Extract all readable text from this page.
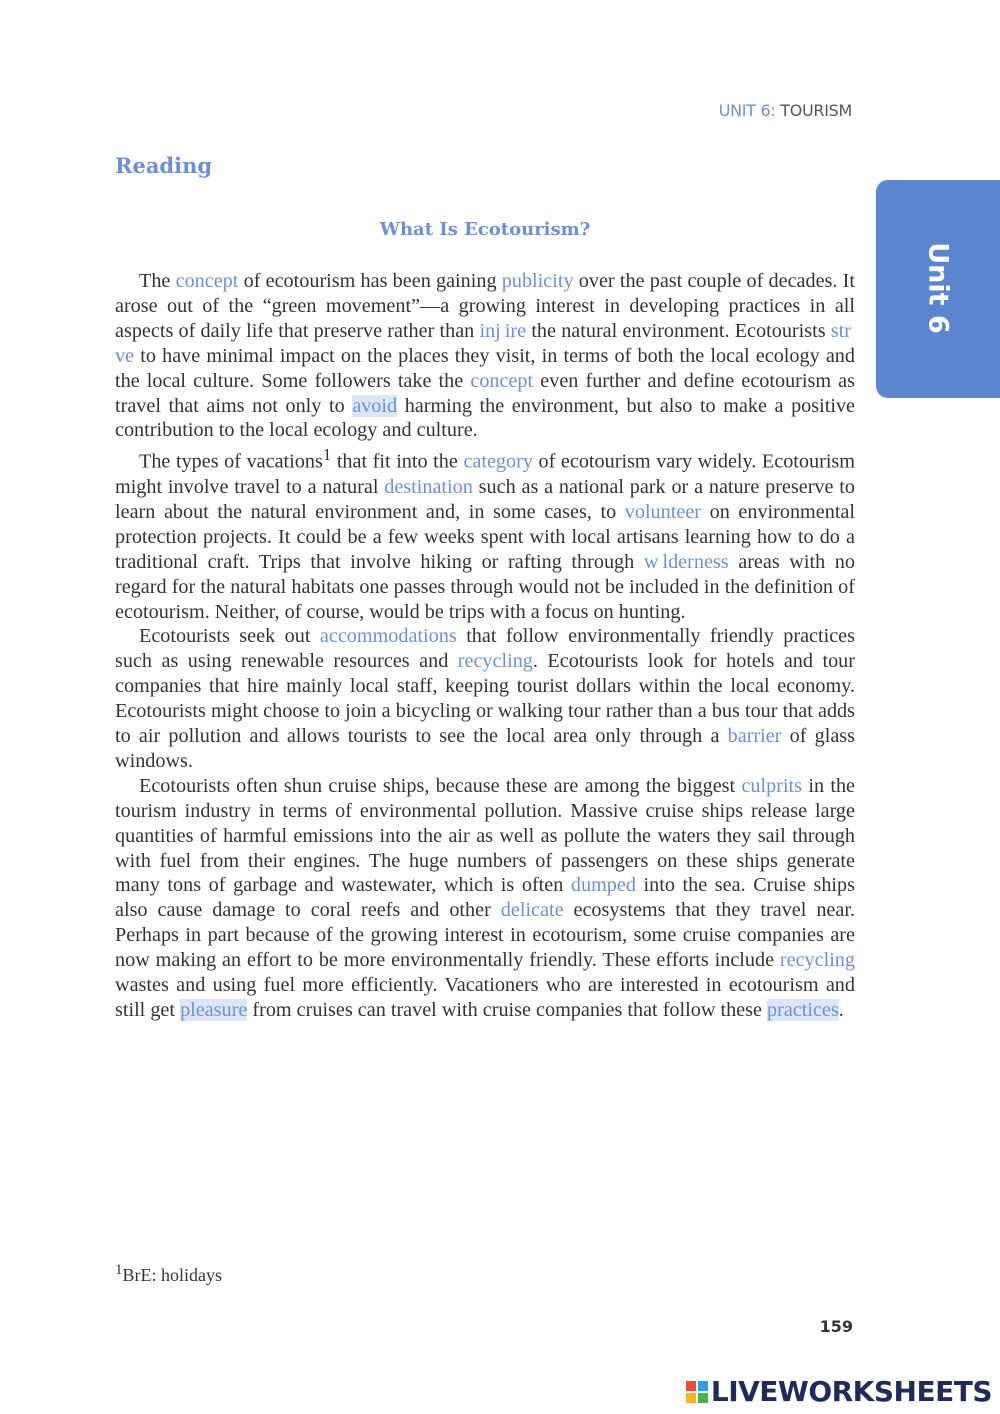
UNIT 6: TOURISM
Unit 6
Reading
What Is Ecotourism?

The concept of ecotourism has been gaining publicity over the past couple of decades. It arose out of the “green movement”—a growing interest in developing practices in all aspects of daily life that preserve rather than inj ire the natural environment. Ecotourists str ve to have minimal impact on the places they visit, in terms of both the local ecology and the local culture. Some followers take the concept even further and define ecotourism as travel that aims not only to avoid harming the environment, but also to make a positive contribution to the local ecology and culture.

The types of vacations$^1$ that fit into the category of ecotourism vary widely. Ecotourism might involve travel to a natural destination such as a national park or a nature preserve to learn about the natural environment and, in some cases, to volunteer on environmental protection projects. It could be a few weeks spent with local artisans learning how to do a traditional craft. Trips that involve hiking or rafting through w lderness areas with no regard for the natural habitats one passes through would not be included in the definition of ecotourism. Neither, of course, would be trips with a focus on hunting.

Ecotourists seek out accommodations that follow environmentally friendly practices such as using renewable resources and recycling. Ecotourists look for hotels and tour companies that hire mainly local staff, keeping tourist dollars within the local economy. Ecotourists might choose to join a bicycling or walking tour rather than a bus tour that adds to air pollution and allows tourists to see the local area only through a barrier of glass windows.

Ecotourists often shun cruise ships, because these are among the biggest culprits in the tourism industry in terms of environmental pollution. Massive cruise ships release large quantities of harmful emissions into the air as well as pollute the waters they sail through with fuel from their engines. The huge numbers of passengers on these ships generate many tons of garbage and wastewater, which is often dumped into the sea. Cruise ships also cause damage to coral reefs and other delicate ecosystems that they travel near. Perhaps in part because of the growing interest in ecotourism, some cruise companies are now making an effort to be more environmentally friendly. These efforts include recycling wastes and using fuel more efficiently. Vacationers who are interested in ecotourism and still get pleasure from cruises can travel with cruise companies that follow these practices.

$^1$BrE: holidays
159
LIVEWORKSHEETS
